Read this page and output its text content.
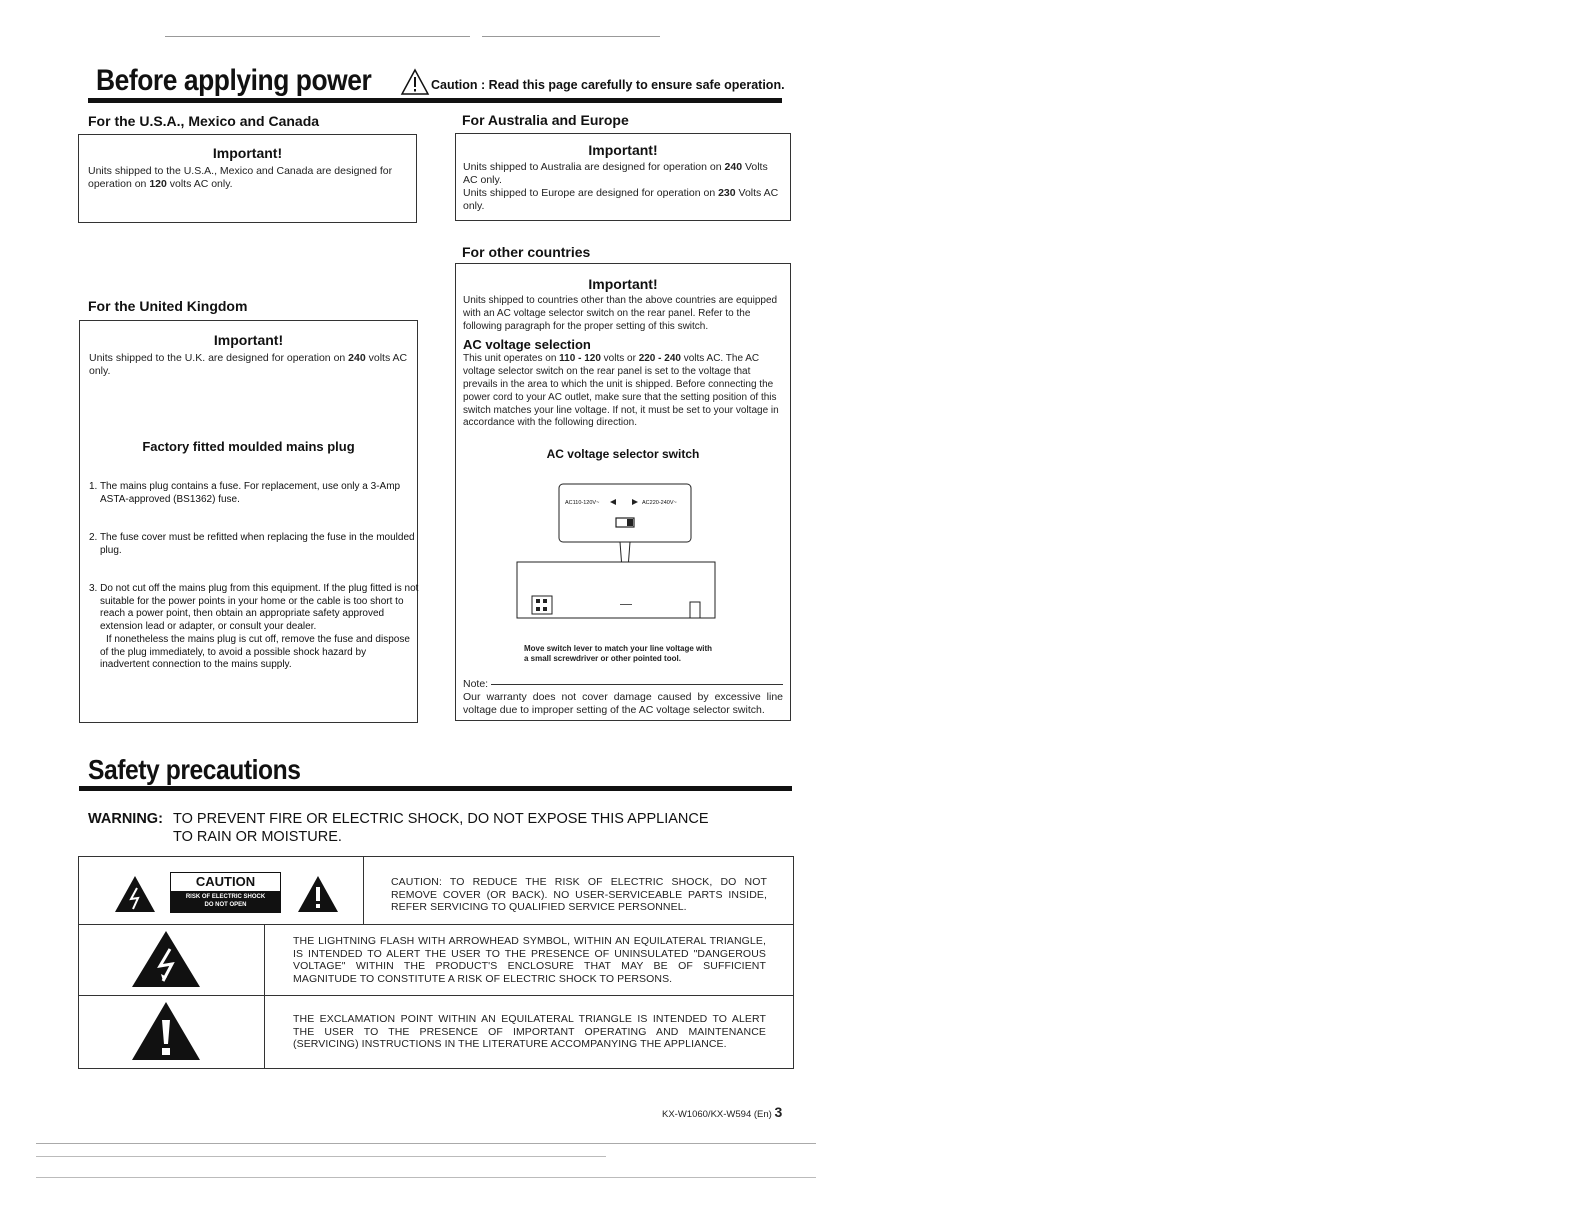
Before applying power	Caution : Read this page carefully to ensure safe operation.
For the U.S.A., Mexico and Canada
Important!
Units shipped to the U.S.A., Mexico and Canada are designed for operation on 120 volts AC only.
For Australia and Europe
Important!
Units shipped to Australia are designed for operation on 240 Volts AC only.
Units shipped to Europe are designed for operation on 230 Volts AC only.
For other countries
Important!
Units shipped to countries other than the above countries are equipped with an AC voltage selector switch on the rear panel. Refer to the following paragraph for the proper setting of this switch.
AC voltage selection
This unit operates on 110 - 120 volts or 220 - 240 volts AC. The AC voltage selector switch on the rear panel is set to the voltage that prevails in the area to which the unit is shipped. Before connecting the power cord to your AC outlet, make sure that the setting position of this switch matches your line voltage. If not, it must be set to your voltage in accordance with the following direction.
AC voltage selector switch
AC110-120V~	AC220-240V~
Move switch lever to match your line voltage with
a small screwdriver or other pointed tool.
Note:
Our warranty does not cover damage caused by excessive line voltage due to improper setting of the AC voltage selector switch.
For the United Kingdom
Important!
Units shipped to the U.K. are designed for operation on 240 volts AC only.
Factory fitted moulded mains plug
1. The mains plug contains a fuse. For replacement, use only a 3-Amp ASTA-approved (BS1362) fuse.
2. The fuse cover must be refitted when replacing the fuse in the moulded plug.
3. Do not cut off the mains plug from this equipment. If the plug fitted is not suitable for the power points in your home or the cable is too short to reach a power point, then obtain an appropriate safety approved extension lead or adapter, or consult your dealer.
If nonetheless the mains plug is cut off, remove the fuse and dispose of the plug immediately, to avoid a possible shock hazard by inadvertent connection to the mains supply.
Safety precautions
WARNING: TO PREVENT FIRE OR ELECTRIC SHOCK, DO NOT EXPOSE THIS APPLIANCE
TO RAIN OR MOISTURE.
CAUTION
RISK OF ELECTRIC SHOCK
DO NOT OPEN
CAUTION: TO REDUCE THE RISK OF ELECTRIC SHOCK, DO NOT REMOVE COVER (OR BACK). NO USER-SERVICEABLE PARTS INSIDE, REFER SERVICING TO QUALIFIED SERVICE PERSONNEL.
THE LIGHTNING FLASH WITH ARROWHEAD SYMBOL, WITHIN AN EQUILATERAL TRIANGLE, IS INTENDED TO ALERT THE USER TO THE PRESENCE OF UNINSULATED "DANGEROUS VOLTAGE" WITHIN THE PRODUCT'S ENCLOSURE THAT MAY BE OF SUFFICIENT MAGNITUDE TO CONSTITUTE A RISK OF ELECTRIC SHOCK TO PERSONS.
THE EXCLAMATION POINT WITHIN AN EQUILATERAL TRIANGLE IS INTENDED TO ALERT THE USER TO THE PRESENCE OF IMPORTANT OPERATING AND MAINTENANCE (SERVICING) INSTRUCTIONS IN THE LITERATURE ACCOMPANYING THE APPLIANCE.
KX-W1060/KX-W594 (En) 3
